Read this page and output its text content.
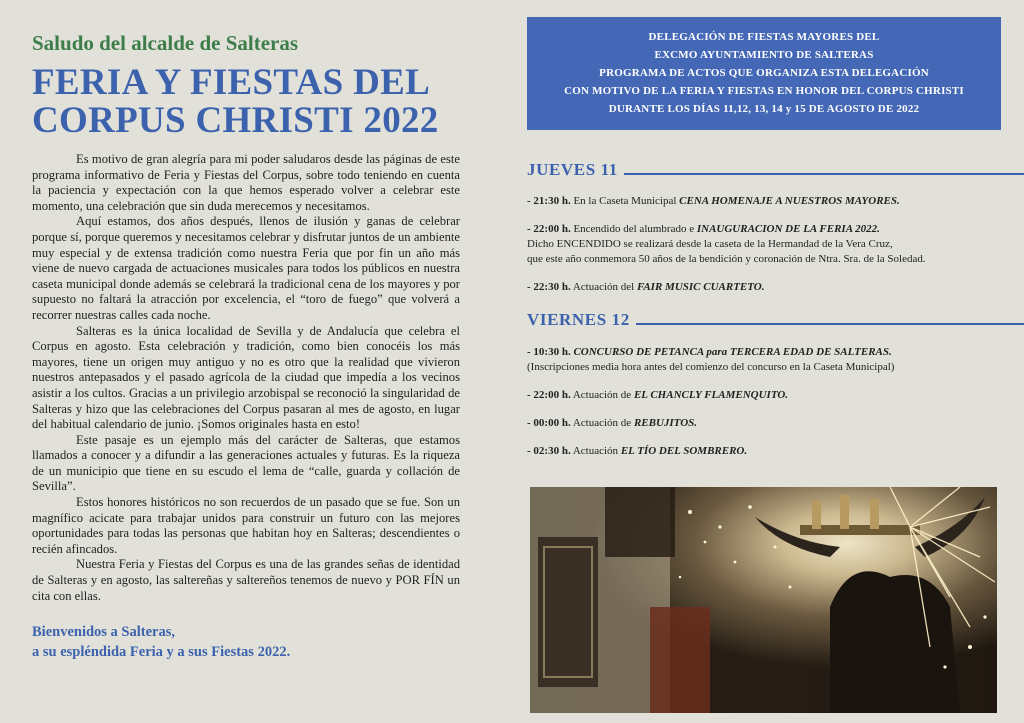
Saludo del alcalde de Salteras
FERIA Y FIESTAS DEL
CORPUS CHRISTI 2022

Es motivo de gran alegría para mi poder saludaros desde las páginas de este programa informativo de Feria y Fiestas del Corpus, sobre todo teniendo en cuenta la paciencia y expectación con la que hemos esperado volver a celebrar este momento, una celebración que sin duda merecemos y necesitamos.

Aquí estamos, dos años después, llenos de ilusión y ganas de celebrar porque sí, porque queremos y necesitamos celebrar y disfrutar juntos de un ambiente muy especial y de extensa tradición como nuestra Feria que por fin un año más viene de nuevo cargada de actuaciones musicales para todos los públicos en nuestra caseta municipal donde además se celebrará la tradicional cena de los mayores y por supuesto no faltará la atracción por excelencia, el “toro de fuego” que volverá a recorrer nuestras calles cada noche.

Salteras es la única localidad de Sevilla y de Andalucía que celebra el Corpus en agosto. Esta celebración y tradición, como bien conocéis los más mayores, tiene un origen muy antiguo y no es otro que la realidad que vivieron nuestros antepasados y el pasado agrícola de la ciudad que impedía a los vecinos asistir a los cultos. Gracias a un privilegio arzobispal se reconoció la singularidad de Salteras y hizo que las celebraciones del Corpus pasaran al mes de agosto, en lugar del habitual calendario de junio. ¡Somos originales hasta en esto!

Este pasaje es un ejemplo más del carácter de Salteras, que estamos llamados a conocer y a difundir a las generaciones actuales y futuras. Es la riqueza de un municipio que tiene en su escudo el lema de “calle, guarda y collación de Sevilla”.

Estos honores históricos no son recuerdos de un pasado que se fue. Son un magnífico acicate para trabajar unidos para construir un futuro con las mejores oportunidades para todas las personas que habitan hoy en Salteras; descendientes o recién afincados.

Nuestra Feria y Fiestas del Corpus es una de las grandes señas de identidad de Salteras y en agosto, las saltereñas y saltereños tenemos de nuevo y POR FÍN un cita con ellas.

Bienvenidos a Salteras,
a su espléndida Feria y a sus Fiestas 2022.
DELEGACIÓN DE FIESTAS MAYORES DEL
EXCMO AYUNTAMIENTO DE SALTERAS
PROGRAMA DE ACTOS QUE ORGANIZA ESTA DELEGACIÓN
CON MOTIVO DE LA FERIA Y FIESTAS EN HONOR DEL CORPUS CHRISTI
DURANTE LOS DÍAS 11,12, 13, 14 y 15 DE AGOSTO DE 2022
JUEVES 11
- 21:30 h. En la Caseta Municipal CENA HOMENAJE A NUESTROS MAYORES.
- 22:00 h. Encendido del alumbrado e INAUGURACION DE LA FERIA 2022.
Dicho ENCENDIDO se realizará desde la caseta de la Hermandad de la Vera Cruz,
que este año conmemora 50 años de la bendición y coronación de Ntra. Sra. de la Soledad.
- 22:30 h. Actuación del FAIR MUSIC CUARTETO.
VIERNES 12
- 10:30 h. CONCURSO DE PETANCA para TERCERA EDAD DE SALTERAS.
(Inscripciones media hora antes del comienzo del concurso en la Caseta Municipal)
- 22:00 h. Actuación de EL CHANCLY FLAMENQUITO.
- 00:00 h. Actuación de REBUJITOS.
- 02:30 h. Actuación EL TÍO DEL SOMBRERO.
